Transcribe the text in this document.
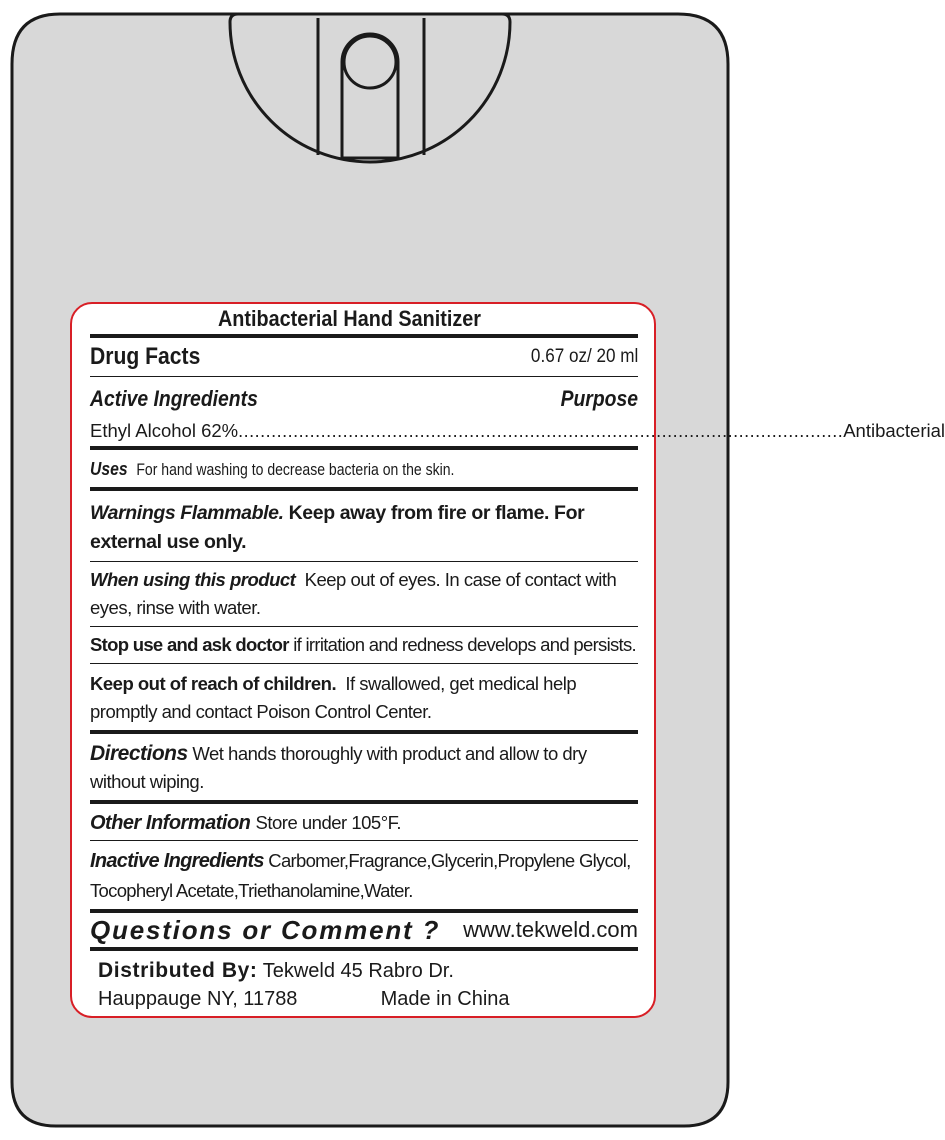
Antibacterial Hand Sanitizer
Drug Facts	0.67 oz/ 20 ml
Active Ingredients	Purpose
Ethyl Alcohol 62% .............................................................................................................. Antibacterial
Uses For hand washing to decrease bacteria on the skin.
Warnings Flammable. Keep away from fire or flame. For external use only.
When using this product Keep out of eyes. In case of contact with eyes, rinse with water.
Stop use and ask doctor if irritation and redness develops and persists.
Keep out of reach of children. If swallowed, get medical help promptly and contact Poison Control Center.
Directions Wet hands thoroughly with product and allow to dry without wiping.
Other Information Store under 105°F.
Inactive Ingredients Carbomer,Fragrance,Glycerin,Propylene Glycol, Tocopheryl Acetate,Triethanolamine,Water.
Questions or Comment ? www.tekweld.com
Distributed By: Tekweld 45 Rabro Dr.
Hauppauge NY, 11788	Made in China
